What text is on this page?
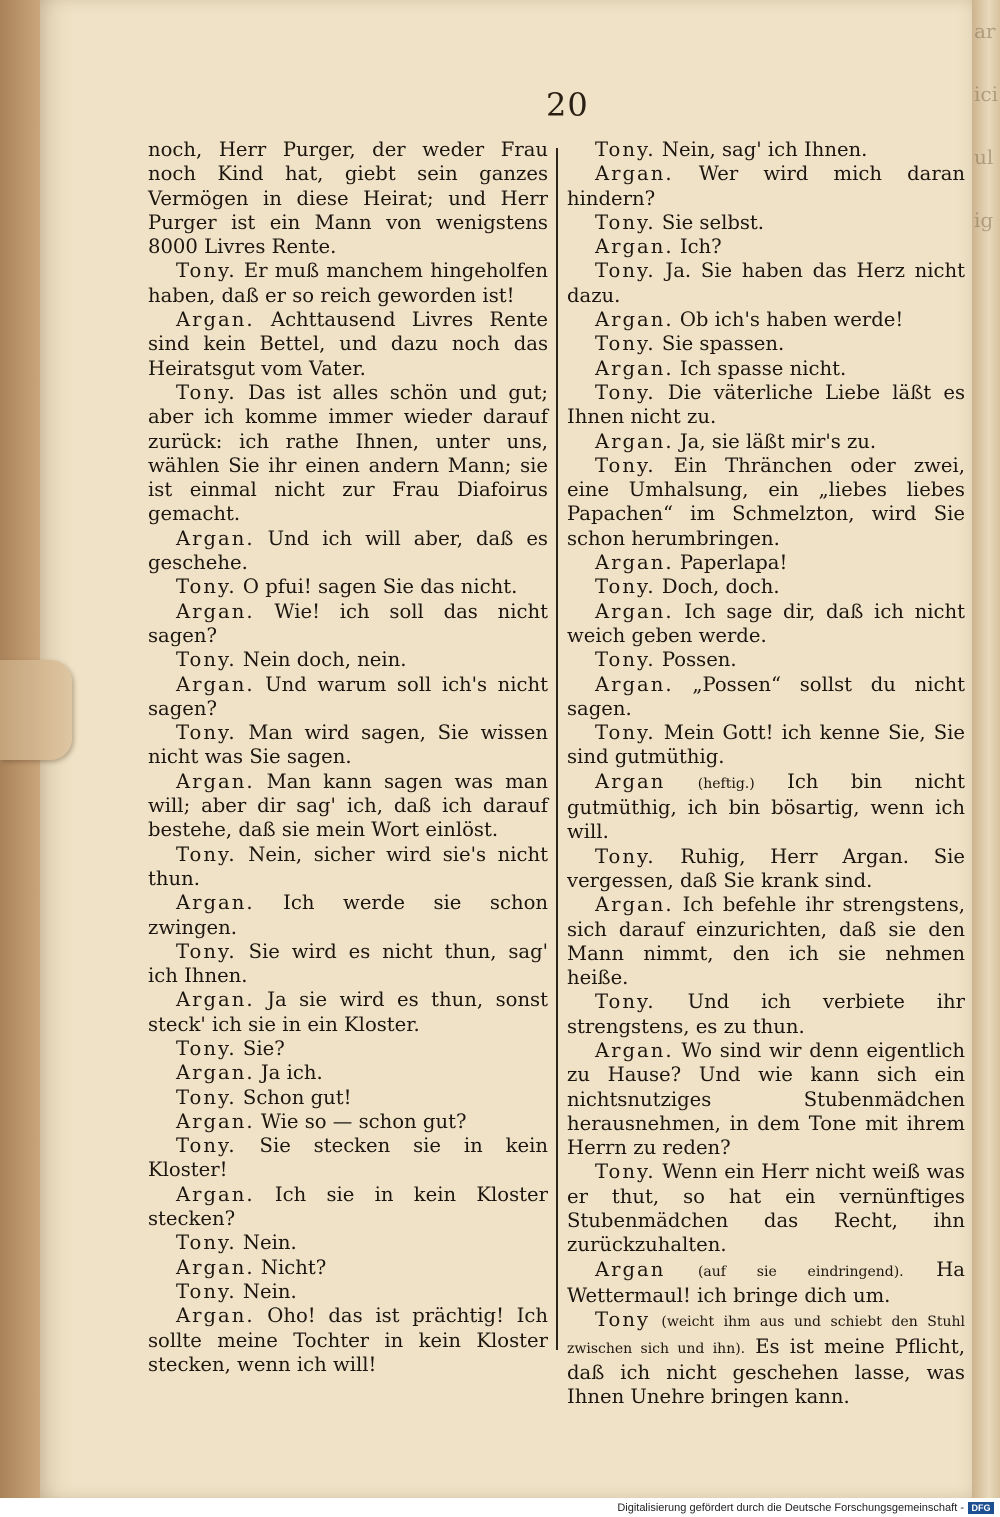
ariciulig
20

noch, Herr Purger, der weder Frau noch Kind hat, giebt sein ganzes Vermögen in diese Heirat; und Herr Purger ist ein Mann von wenigstens 8000 Livres Rente.

Tony. Er muß manchem hingeholfen haben, daß er so reich geworden ist!

Argan. Achttausend Livres Rente sind kein Bettel, und dazu noch das Heiratsgut vom Vater.

Tony. Das ist alles schön und gut; aber ich komme immer wieder darauf zurück: ich rathe Ihnen, unter uns, wählen Sie ihr einen andern Mann; sie ist einmal nicht zur Frau Diafoirus gemacht.

Argan. Und ich will aber, daß es geschehe.

Tony. O pfui! sagen Sie das nicht.

Argan. Wie! ich soll das nicht sagen?

Tony. Nein doch, nein.

Argan. Und warum soll ich's nicht sagen?

Tony. Man wird sagen, Sie wissen nicht was Sie sagen.

Argan. Man kann sagen was man will; aber dir sag' ich, daß ich darauf bestehe, daß sie mein Wort einlöst.

Tony. Nein, sicher wird sie's nicht thun.

Argan. Ich werde sie schon zwingen.

Tony. Sie wird es nicht thun, sag' ich Ihnen.

Argan. Ja sie wird es thun, sonst steck' ich sie in ein Kloster.

Tony. Sie?

Argan. Ja ich.

Tony. Schon gut!

Argan. Wie so — schon gut?

Tony. Sie stecken sie in kein Kloster!

Argan. Ich sie in kein Kloster stecken?

Tony. Nein.

Argan. Nicht?

Tony. Nein.

Argan. Oho! das ist prächtig! Ich sollte meine Tochter in kein Kloster stecken, wenn ich will!

Tony. Nein, sag' ich Ihnen.

Argan. Wer wird mich daran hindern?

Tony. Sie selbst.

Argan. Ich?

Tony. Ja. Sie haben das Herz nicht dazu.

Argan. Ob ich's haben werde!

Tony. Sie spassen.

Argan. Ich spasse nicht.

Tony. Die väterliche Liebe läßt es Ihnen nicht zu.

Argan. Ja, sie läßt mir's zu.

Tony. Ein Thränchen oder zwei, eine Umhalsung, ein „liebes liebes Papachen“ im Schmelzton, wird Sie schon herumbringen.

Argan. Paperlapa!

Tony. Doch, doch.

Argan. Ich sage dir, daß ich nicht weich geben werde.

Tony. Possen.

Argan. „Possen“ sollst du nicht sagen.

Tony. Mein Gott! ich kenne Sie, Sie sind gutmüthig.

Argan (heftig.) Ich bin nicht gutmüthig, ich bin bösartig, wenn ich will.

Tony. Ruhig, Herr Argan. Sie vergessen, daß Sie krank sind.

Argan. Ich befehle ihr strengstens, sich darauf einzurichten, daß sie den Mann nimmt, den ich sie nehmen heiße.

Tony. Und ich verbiete ihr strengstens, es zu thun.

Argan. Wo sind wir denn eigentlich zu Hause? Und wie kann sich ein nichtsnutziges Stubenmädchen herausnehmen, in dem Tone mit ihrem Herrn zu reden?

Tony. Wenn ein Herr nicht weiß was er thut, so hat ein vernünftiges Stubenmädchen das Recht, ihn zurückzuhalten.

Argan (auf sie eindringend). Ha Wettermaul! ich bringe dich um.

Tony (weicht ihm aus und schiebt den Stuhl zwischen sich und ihn). Es ist meine Pflicht, daß ich nicht geschehen lasse, was Ihnen Unehre bringen kann.

Digitalisierung gefördert durch die Deutsche Forschungsgemeinschaft - DFG
